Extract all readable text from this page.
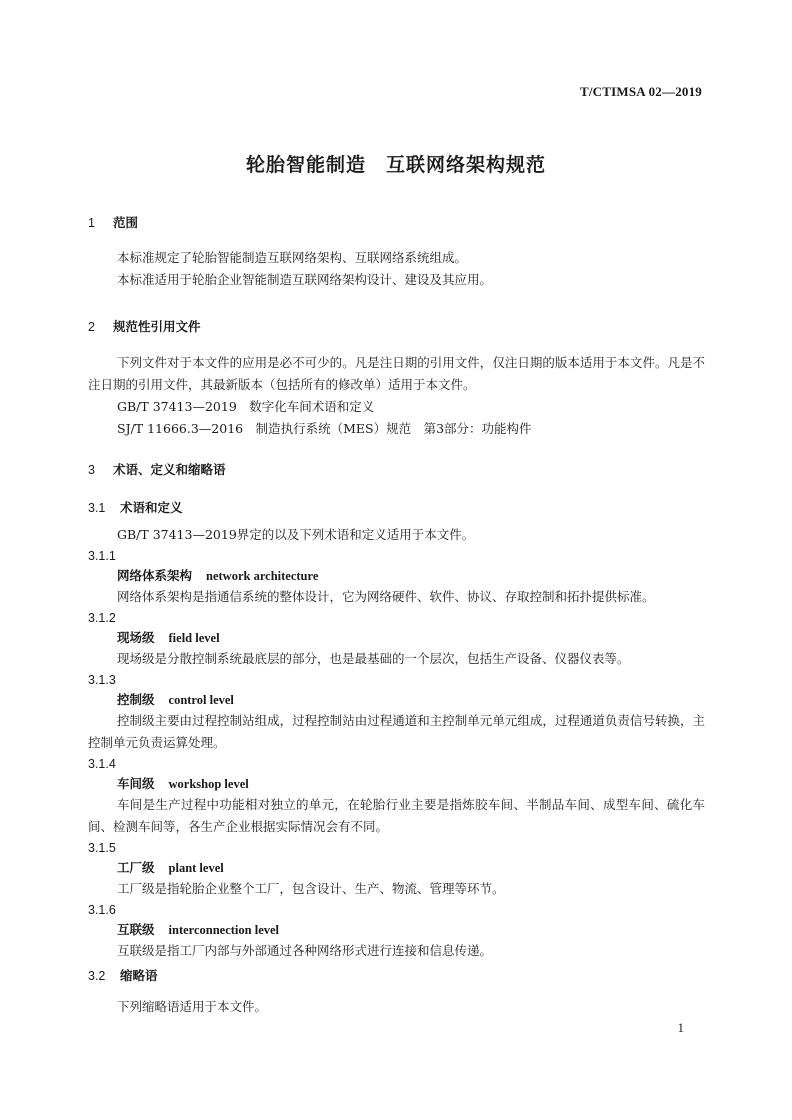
T/CTIMSA 02—2019
轮胎智能制造　互联网络架构规范
1 范围
本标准规定了轮胎智能制造互联网络架构、互联网络系统组成。
本标准适用于轮胎企业智能制造互联网络架构设计、建设及其应用。
2 规范性引用文件
下列文件对于本文件的应用是必不可少的。凡是注日期的引用文件，仅注日期的版本适用于本文件。凡是不注日期的引用文件，其最新版本（包括所有的修改单）适用于本文件。
GB/T 37413—2019　数字化车间术语和定义
SJ/T 11666.3—2016　制造执行系统（MES）规范　第3部分：功能构件
3 术语、定义和缩略语
3.1 术语和定义
GB/T 37413—2019界定的以及下列术语和定义适用于本文件。
3.1.1
网络体系架构 network architecture
网络体系架构是指通信系统的整体设计，它为网络硬件、软件、协议、存取控制和拓扑提供标准。
3.1.2
现场级 field level
现场级是分散控制系统最底层的部分，也是最基础的一个层次，包括生产设备、仪器仪表等。
3.1.3
控制级 control level
控制级主要由过程控制站组成，过程控制站由过程通道和主控制单元单元组成，过程通道负责信号转换，主控制单元负责运算处理。
3.1.4
车间级 workshop level
车间是生产过程中功能相对独立的单元，在轮胎行业主要是指炼胶车间、半制品车间、成型车间、硫化车间、检测车间等，各生产企业根据实际情况会有不同。
3.1.5
工厂级 plant level
工厂级是指轮胎企业整个工厂，包含设计、生产、物流、管理等环节。
3.1.6
互联级 interconnection level
互联级是指工厂内部与外部通过各种网络形式进行连接和信息传递。
3.2 缩略语
下列缩略语适用于本文件。
1
